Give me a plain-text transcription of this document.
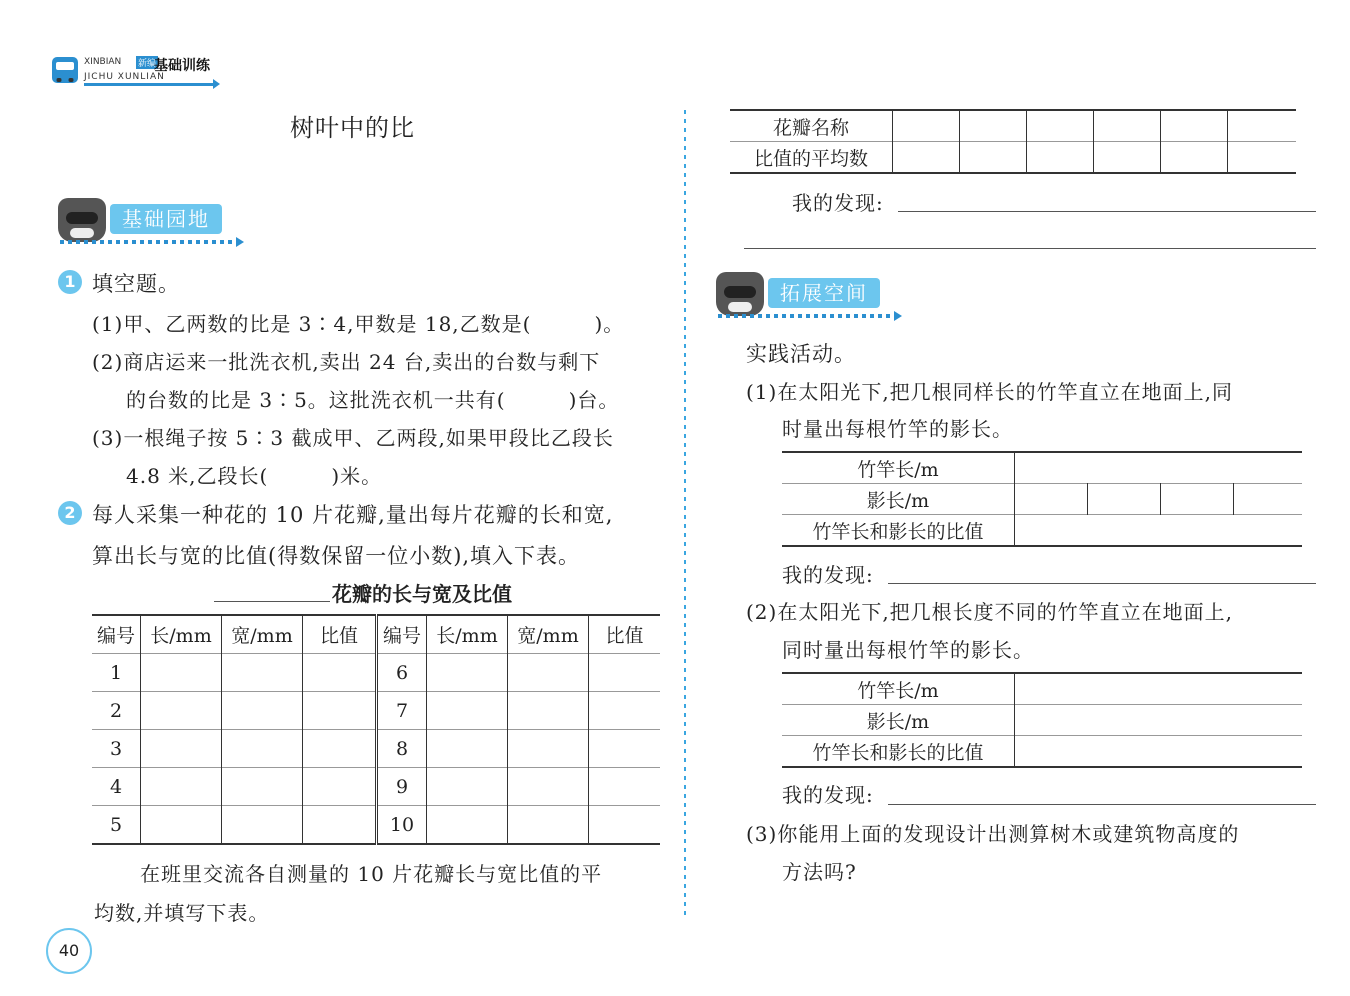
XINBIAN 新编
基础训练
JICHU XUNLIAN
树叶中的比
基础园地
1 填空题。
(1)甲、乙两数的比是 3∶4,甲数是 18,乙数是(　　　)。
(2)商店运来一批洗衣机,卖出 24 台,卖出的台数与剩下
的台数的比是 3∶5。这批洗衣机一共有(　　　)台。
(3)一根绳子按 5∶3 截成甲、乙两段,如果甲段比乙段长
4.8 米,乙段长(　　　)米。
2 每人采集一种花的 10 片花瓣,量出每片花瓣的长和宽,
算出长与宽的比值(得数保留一位小数),填入下表。
花瓣的长与宽及比值
编号	长/mm	宽/mm	比值	编号	长/mm	宽/mm	比值
1				6			
2				7			
3				8			
4				9			
5				10			
在班里交流各自测量的 10 片花瓣长与宽比值的平
均数,并填写下表。
40
花瓣名称						
比值的平均数						
我的发现:
拓展空间
实践活动。
(1)在太阳光下,把几根同样长的竹竿直立在地面上,同
时量出每根竹竿的影长。
竹竿长/m				
影长/m				
竹竿长和影长的比值				
我的发现:
(2)在太阳光下,把几根长度不同的竹竿直立在地面上,
同时量出每根竹竿的影长。
竹竿长/m	
影长/m	
竹竿长和影长的比值	
我的发现:
(3)你能用上面的发现设计出测算树木或建筑物高度的
方法吗?
